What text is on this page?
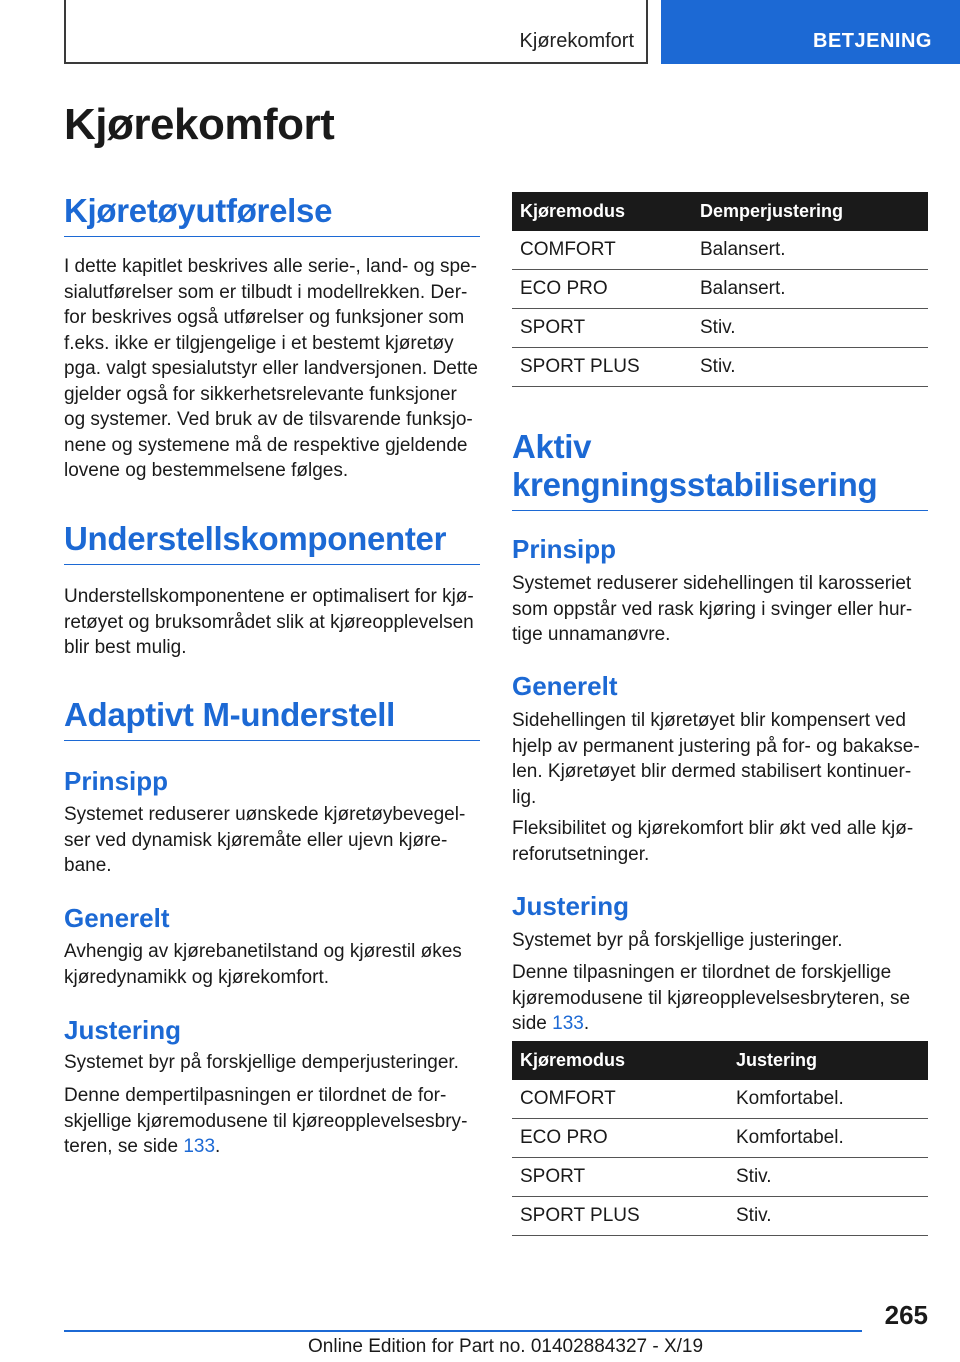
Kjørekomfort	BETJENING
Kjørekomfort
Kjøretøyutførelse

I dette kapitlet beskrives alle serie-, land- og spesialutførelser som er tilbudt i modellrekken. Derfor beskrives også utførelser og funksjoner som f.eks. ikke er tilgjengelige i et bestemt kjøretøy pga. valgt spesialutstyr eller landversjonen. Dette gjelder også for sikkerhetsrelevante funksjoner og systemer. Ved bruk av de tilsvarende funksjonene og systemene må de respektive gjeldende lovene og bestemmelsene følges.

Understellskomponenter

Understellskomponentene er optimalisert for kjøretøyet og bruksområdet slik at kjøreopplevelsen blir best mulig.

Adaptivt M-understell
Prinsipp

Systemet reduserer uønskede kjøretøybevegelser ved dynamisk kjøremåte eller ujevn kjørebane.

Generelt

Avhengig av kjørebanetilstand og kjørestil økes kjøredynamikk og kjørekomfort.

Justering

Systemet byr på forskjellige demperjusteringer.

Denne dempertilpasningen er tilordnet de forskjellige kjøremodusene til kjøreopplevelsesbryteren, se side 133.

Kjøremodus	Demperjustering
COMFORT	Balansert.
ECO PRO	Balansert.
SPORT	Stiv.
SPORT PLUS	Stiv.
Aktiv
krengningsstabilisering
Prinsipp

Systemet reduserer sidehellingen til karosseriet som oppstår ved rask kjøring i svinger eller hurtige unnamanøvre.

Generelt

Sidehellingen til kjøretøyet blir kompensert ved hjelp av permanent justering på for- og bakakselen. Kjøretøyet blir dermed stabilisert kontinuerlig.

Fleksibilitet og kjørekomfort blir økt ved alle kjøreforutsetninger.

Justering

Systemet byr på forskjellige justeringer.

Denne tilpasningen er tilordnet de forskjellige kjøremodusene til kjøreopplevelsesbryteren, se side 133.

Kjøremodus	Justering
COMFORT	Komfortabel.
ECO PRO	Komfortabel.
SPORT	Stiv.
SPORT PLUS	Stiv.
265
Online Edition for Part no. 01402884327 - X/19
